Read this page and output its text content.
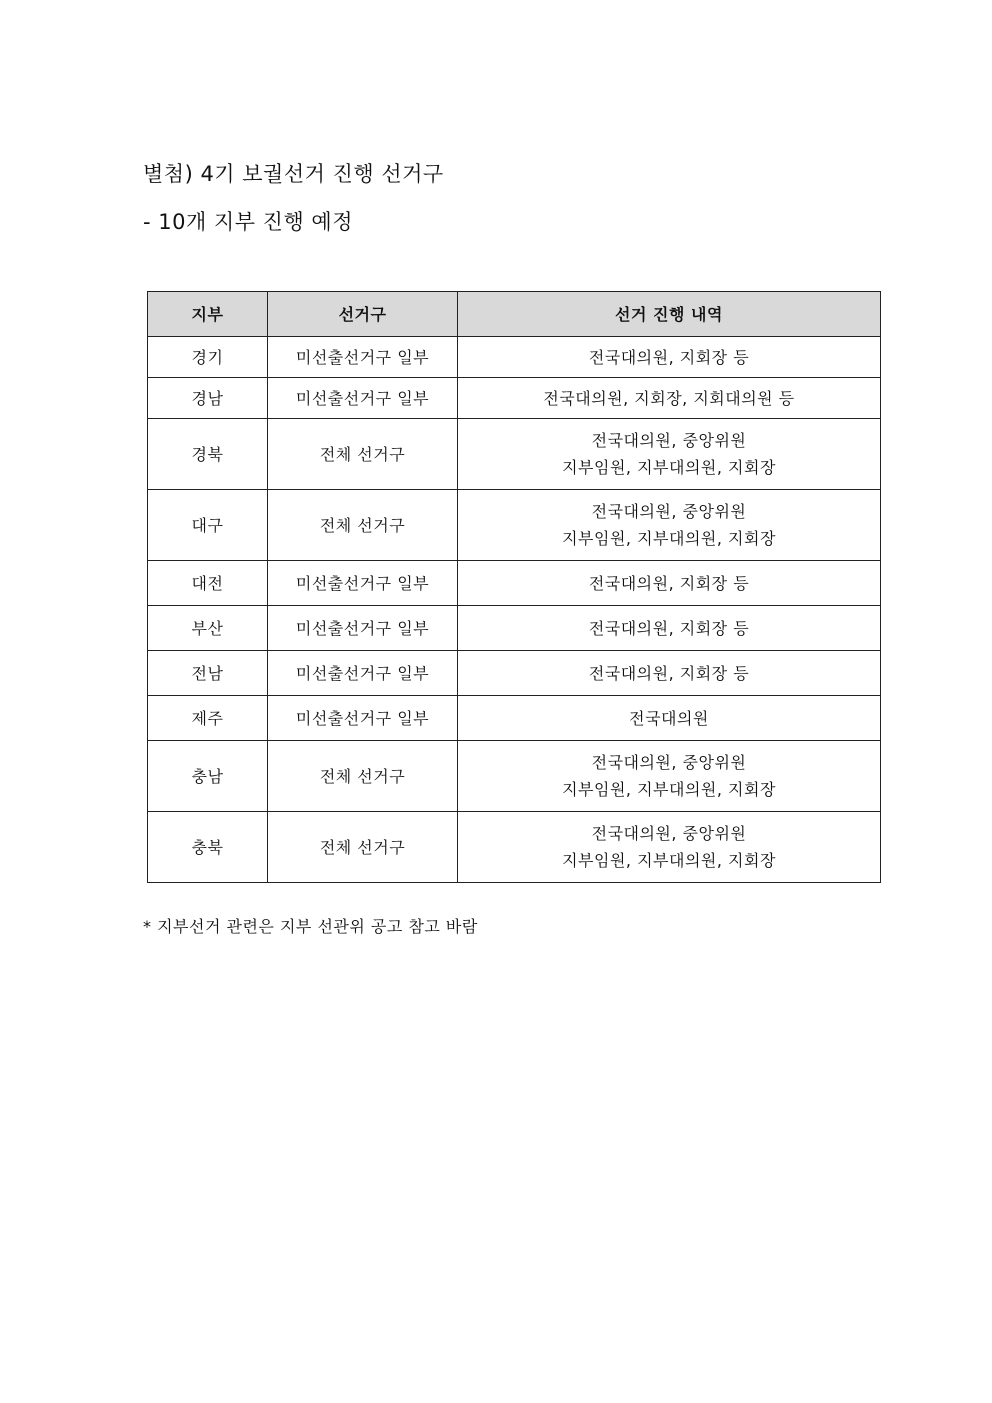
별첨) 4기 보궐선거 진행 선거구
- 10개 지부 진행 예정
지부	선거구	선거 진행 내역
경기	미선출선거구 일부	전국대의원, 지회장 등

경남	미선출선거구 일부	전국대의원, 지회장, 지회대의원 등

경북	전체 선거구	전국대의원, 중앙위원
지부임원, 지부대의원, 지회장

대구	전체 선거구	전국대의원, 중앙위원
지부임원, 지부대의원, 지회장

대전	미선출선거구 일부	전국대의원, 지회장 등

부산	미선출선거구 일부	전국대의원, 지회장 등

전남	미선출선거구 일부	전국대의원, 지회장 등

제주	미선출선거구 일부	전국대의원

충남	전체 선거구	전국대의원, 중앙위원
지부임원, 지부대의원, 지회장

충북	전체 선거구	전국대의원, 중앙위원
지부임원, 지부대의원, 지회장
* 지부선거 관련은 지부 선관위 공고 참고 바람
